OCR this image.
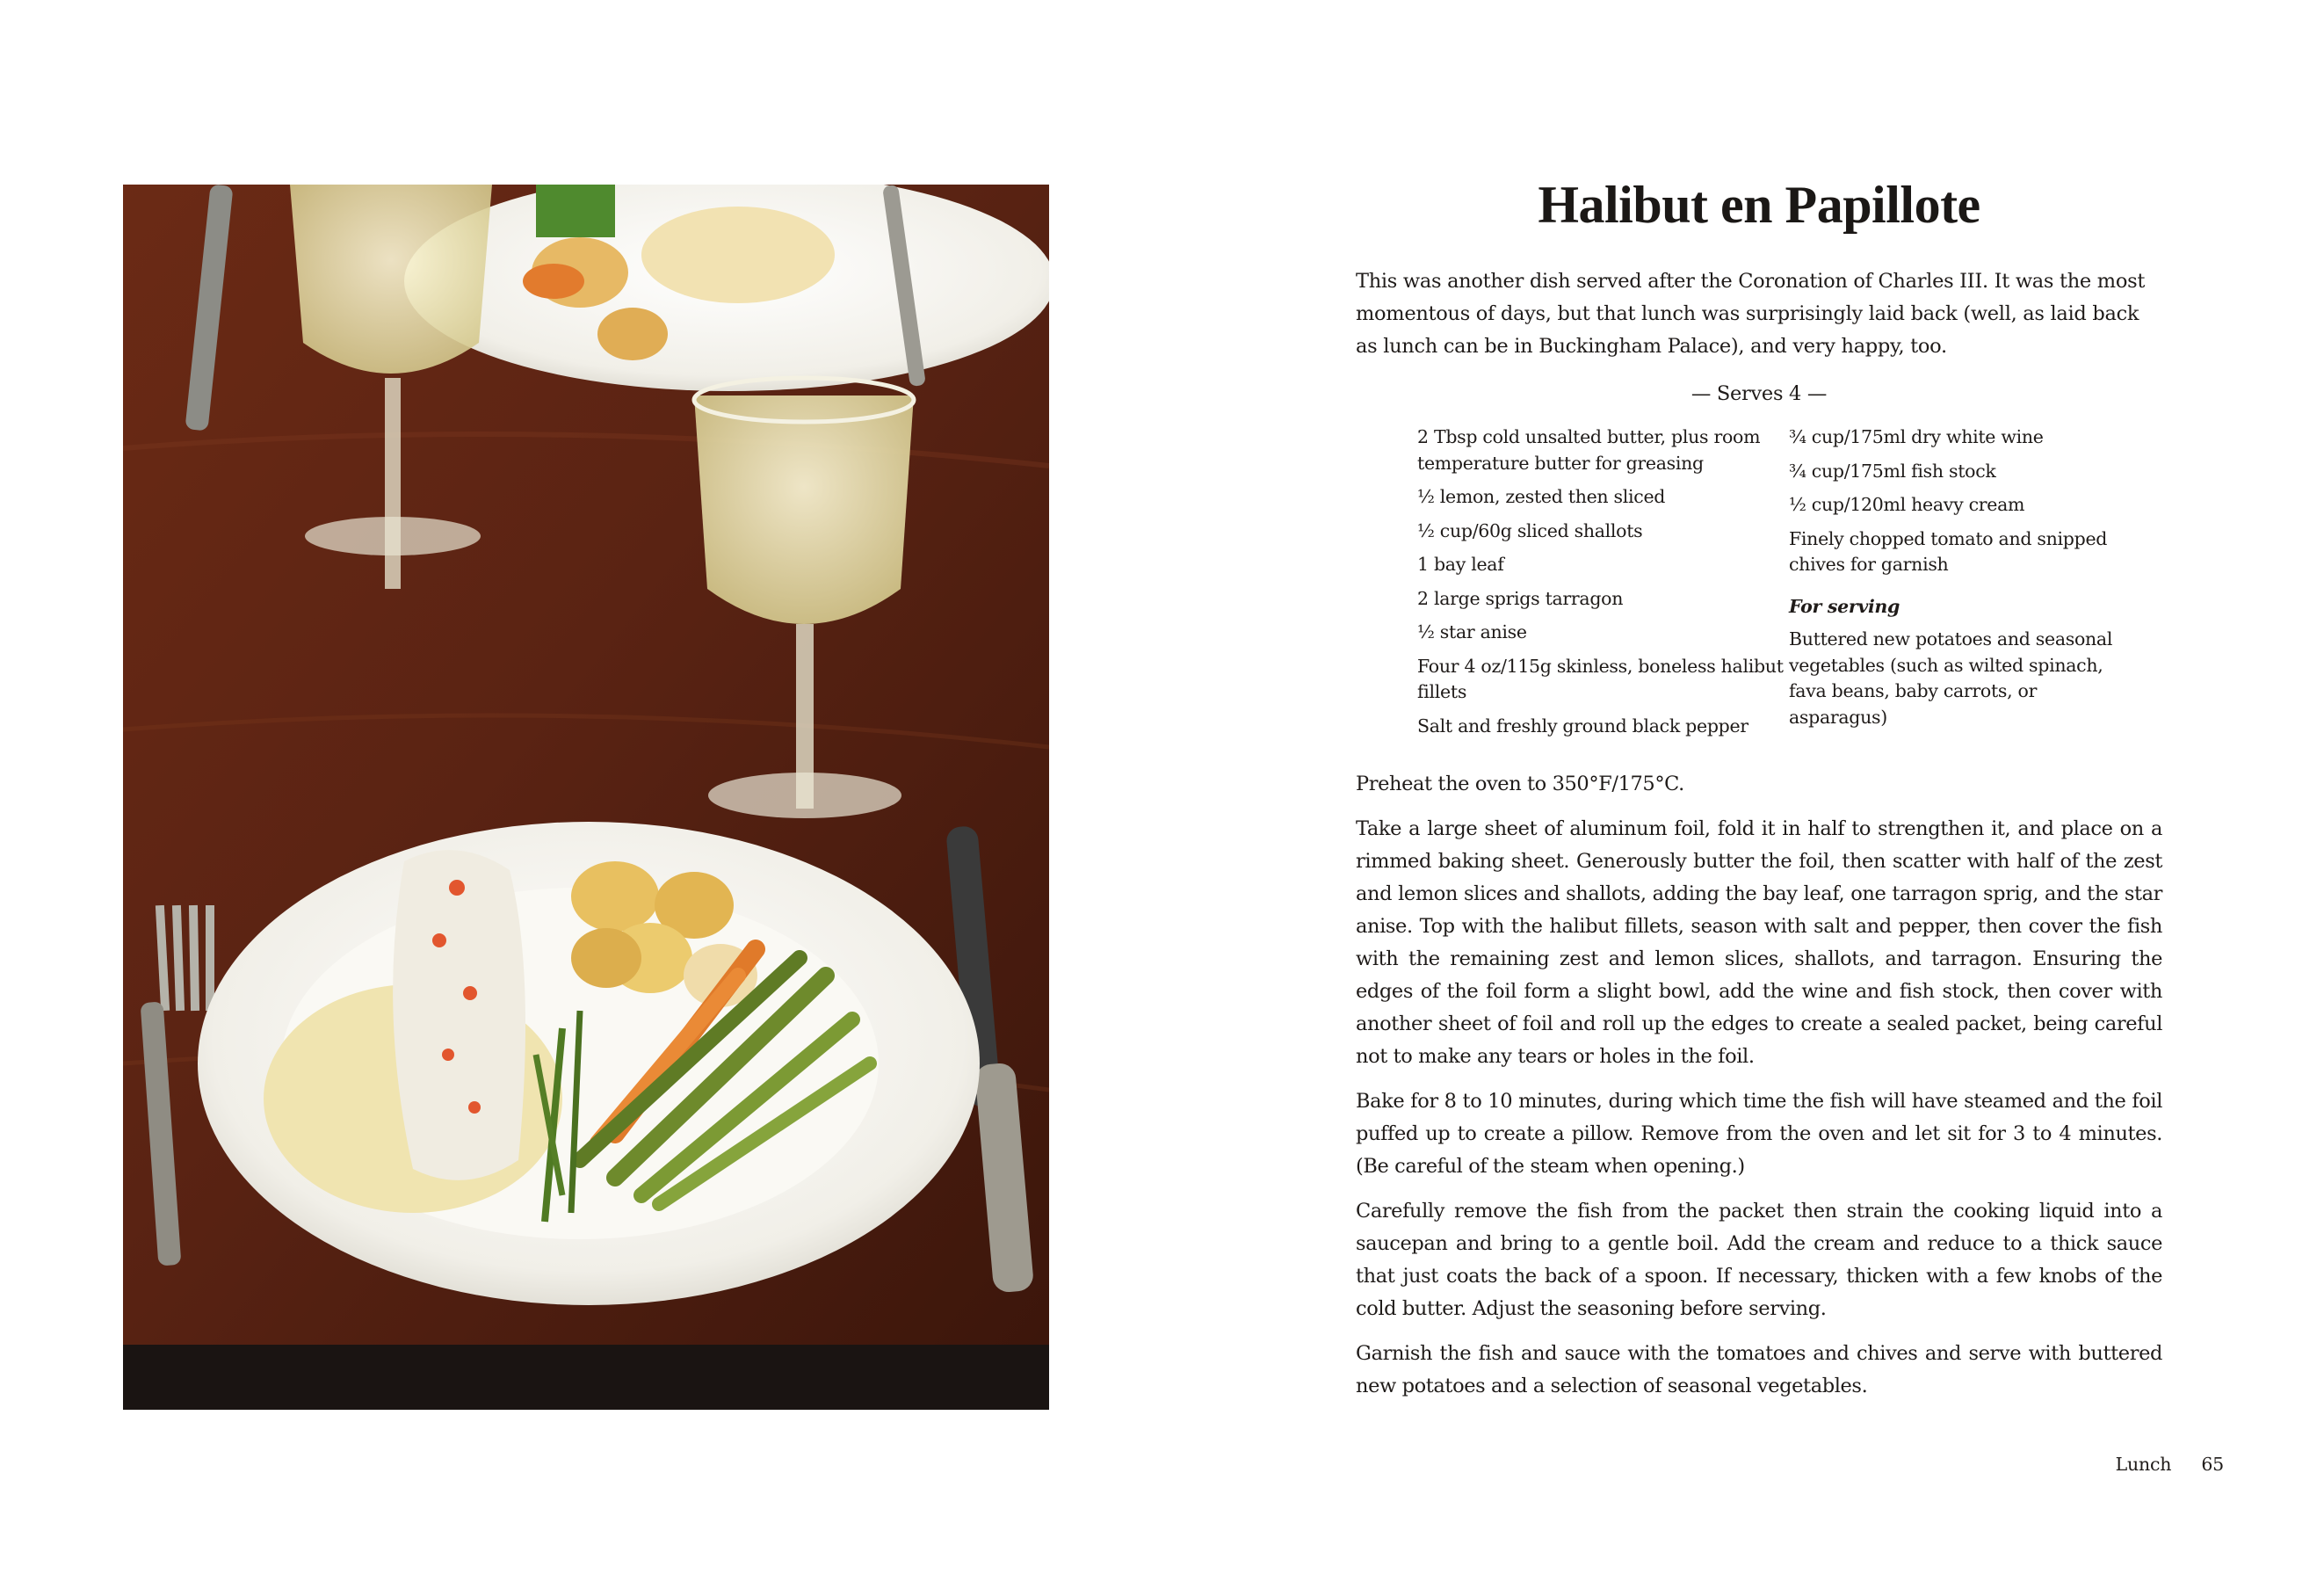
Halibut en Papillote

This was another dish served after the Coronation of Charles III. It was the most momentous of days, but that lunch was surprisingly laid back (well, as laid back as lunch can be in Buckingham Palace), and very happy, too.

— Serves 4 —
2 Tbsp cold unsalted butter, plus room temperature butter for greasing
½ lemon, zested then sliced
½ cup/60g sliced shallots
1 bay leaf
2 large sprigs tarragon
½ star anise
Four 4 oz/115g skinless, boneless halibut fillets
Salt and freshly ground black pepper
¾ cup/175ml dry white wine
¾ cup/175ml fish stock
½ cup/120ml heavy cream
Finely chopped tomato and snipped chives for garnish
For serving
Buttered new potatoes and seasonal vegetables (such as wilted spinach, fava beans, baby carrots, or asparagus)

Preheat the oven to 350°F/175°C.

Take a large sheet of aluminum foil, fold it in half to strengthen it, and place on a rimmed baking sheet. Generously butter the foil, then scatter with half of the zest and lemon slices and shallots, adding the bay leaf, one tarragon sprig, and the star anise. Top with the halibut fillets, season with salt and pepper, then cover the fish with the remaining zest and lemon slices, shallots, and tarragon. Ensuring the edges of the foil form a slight bowl, add the wine and fish stock, then cover with another sheet of foil and roll up the edges to create a sealed packet, being careful not to make any tears or holes in the foil.

Bake for 8 to 10 minutes, during which time the fish will have steamed and the foil puffed up to create a pillow. Remove from the oven and let sit for 3 to 4 minutes. (Be careful of the steam when opening.)

Carefully remove the fish from the packet then strain the cooking liquid into a saucepan and bring to a gentle boil. Add the cream and reduce to a thick sauce that just coats the back of a spoon. If necessary, thicken with a few knobs of the cold butter. Adjust the seasoning before serving.

Garnish the fish and sauce with the tomatoes and chives and serve with buttered new potatoes and a selection of seasonal vegetables.

Lunch 65
